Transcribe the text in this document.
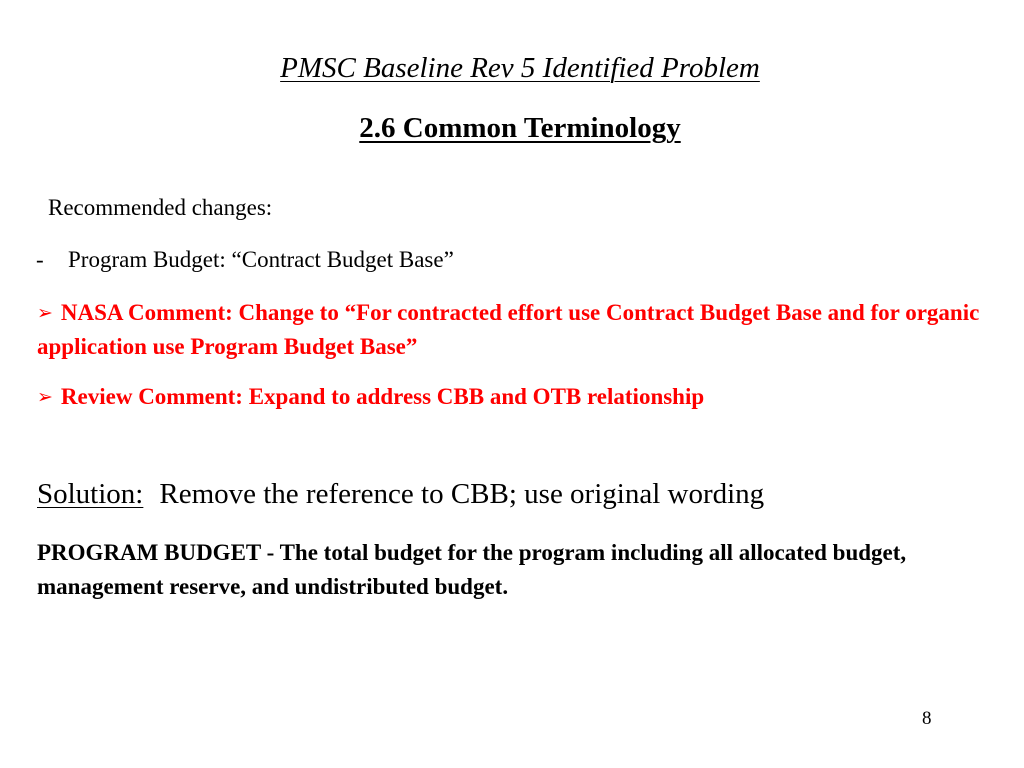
PMSC Baseline Rev 5 Identified Problem
2.6 Common Terminology
Recommended changes:
- Program Budget: “Contract Budget Base”
➢ NASA Comment: Change to “For contracted effort use Contract Budget Base and for organic application use Program Budget Base”
➢ Review Comment: Expand to address CBB and OTB relationship
Solution: Remove the reference to CBB; use original wording
PROGRAM BUDGET - The total budget for the program including all allocated budget, management reserve, and undistributed budget.
8
